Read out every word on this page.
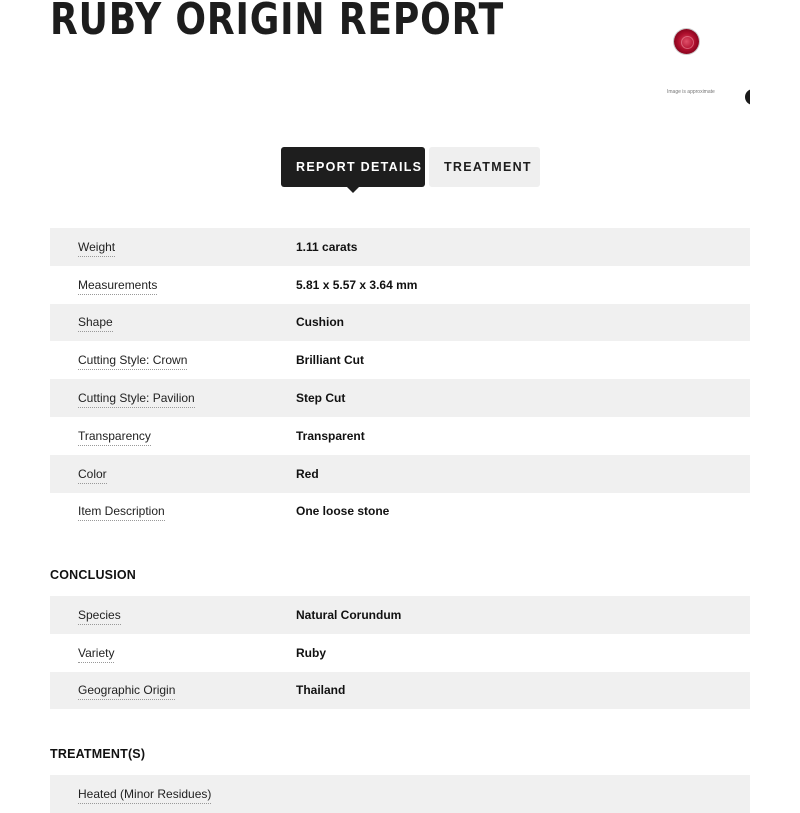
RUBY ORIGIN REPORT
Image is approximate
REPORT DETAILS	TREATMENT
Weight	1.11 carats
Measurements	5.81 x 5.57 x 3.64 mm
Shape	Cushion
Cutting Style: Crown	Brilliant Cut
Cutting Style: Pavilion	Step Cut
Transparency	Transparent
Color	Red
Item Description	One loose stone
CONCLUSION
Species	Natural Corundum
Variety	Ruby
Geographic Origin	Thailand
TREATMENT(S)
Heated (Minor Residues)
